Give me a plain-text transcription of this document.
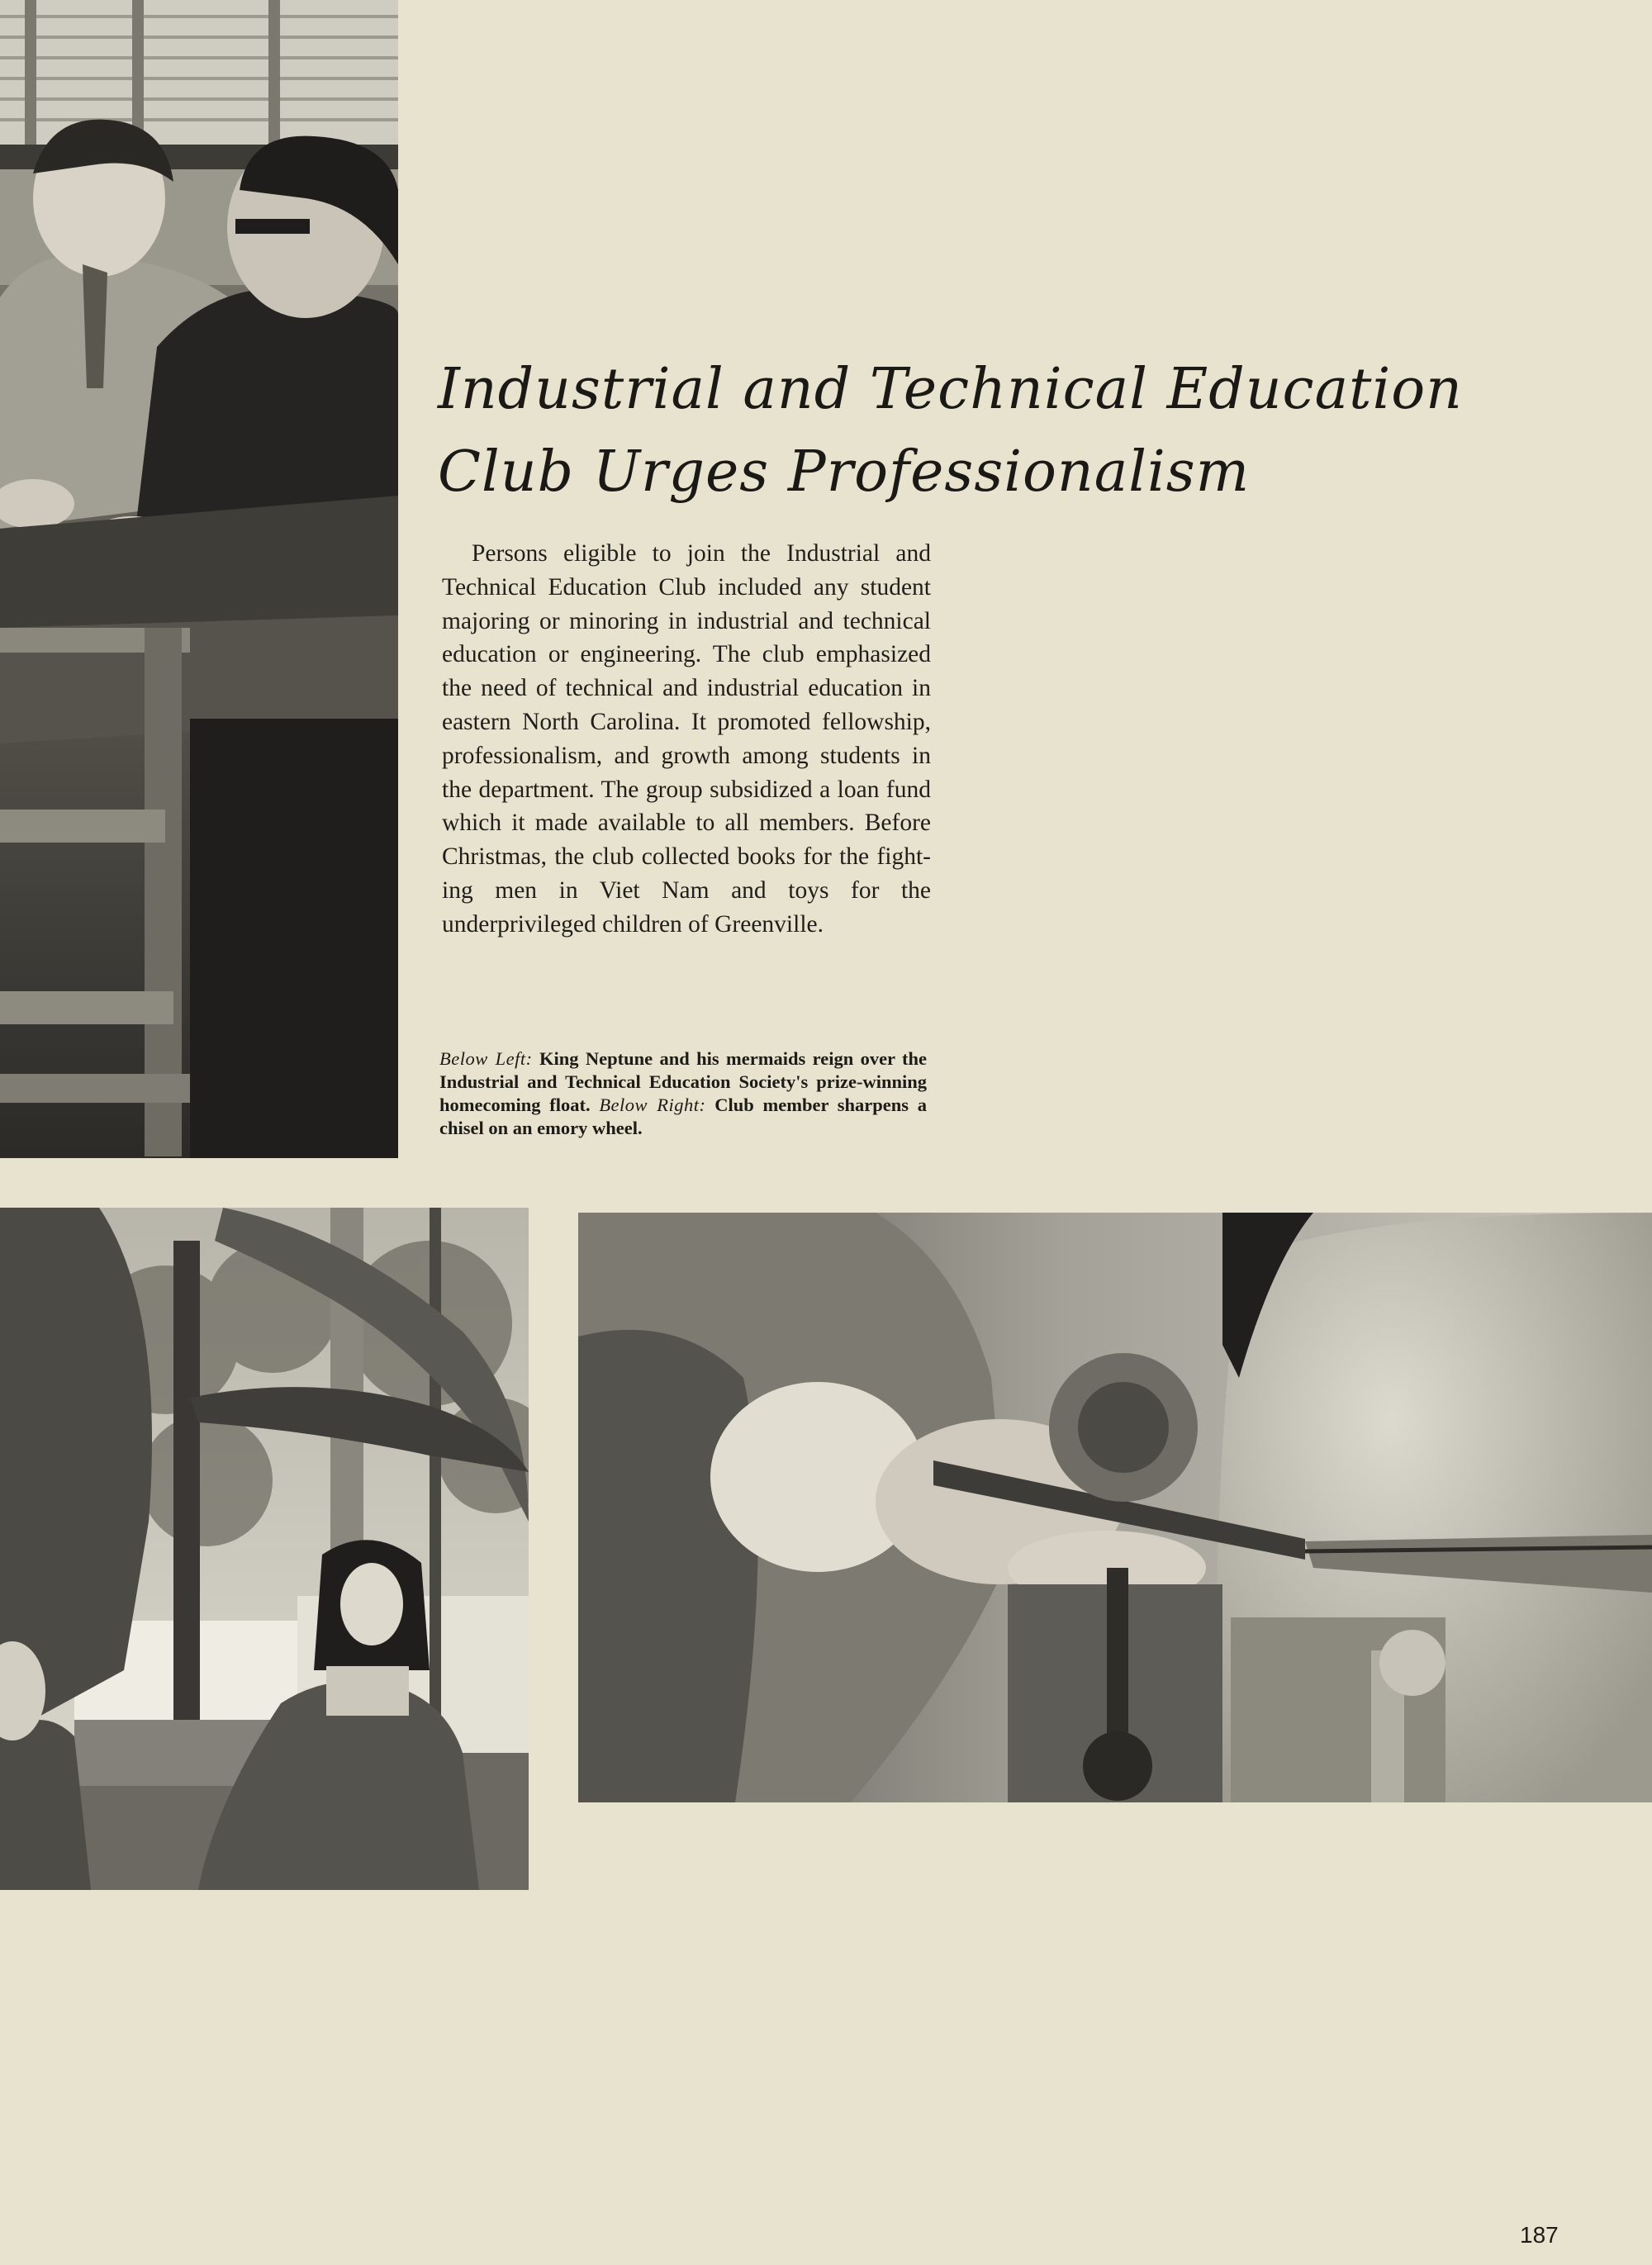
Industrial and Technical Education
Club Urges Professionalism

Persons eligible to join the Industrial and Technical Education Club included any student majoring or minoring in industrial and technical education or engineering. The club emphasized the need of technical and industrial education in eastern North Carolina. It promoted fellowship, professionalism, and growth among students in the department. The group subsidized a loan fund which it made available to all members. Before Christmas, the club collected books for the fighting men in Viet Nam and toys for the underprivileged children of Greenville.

Below Left: King Neptune and his mermaids reign over the Industrial and Technical Education Society's prize-winning homecoming float. Below Right: Club member sharpens a chisel on an emory wheel.

187
